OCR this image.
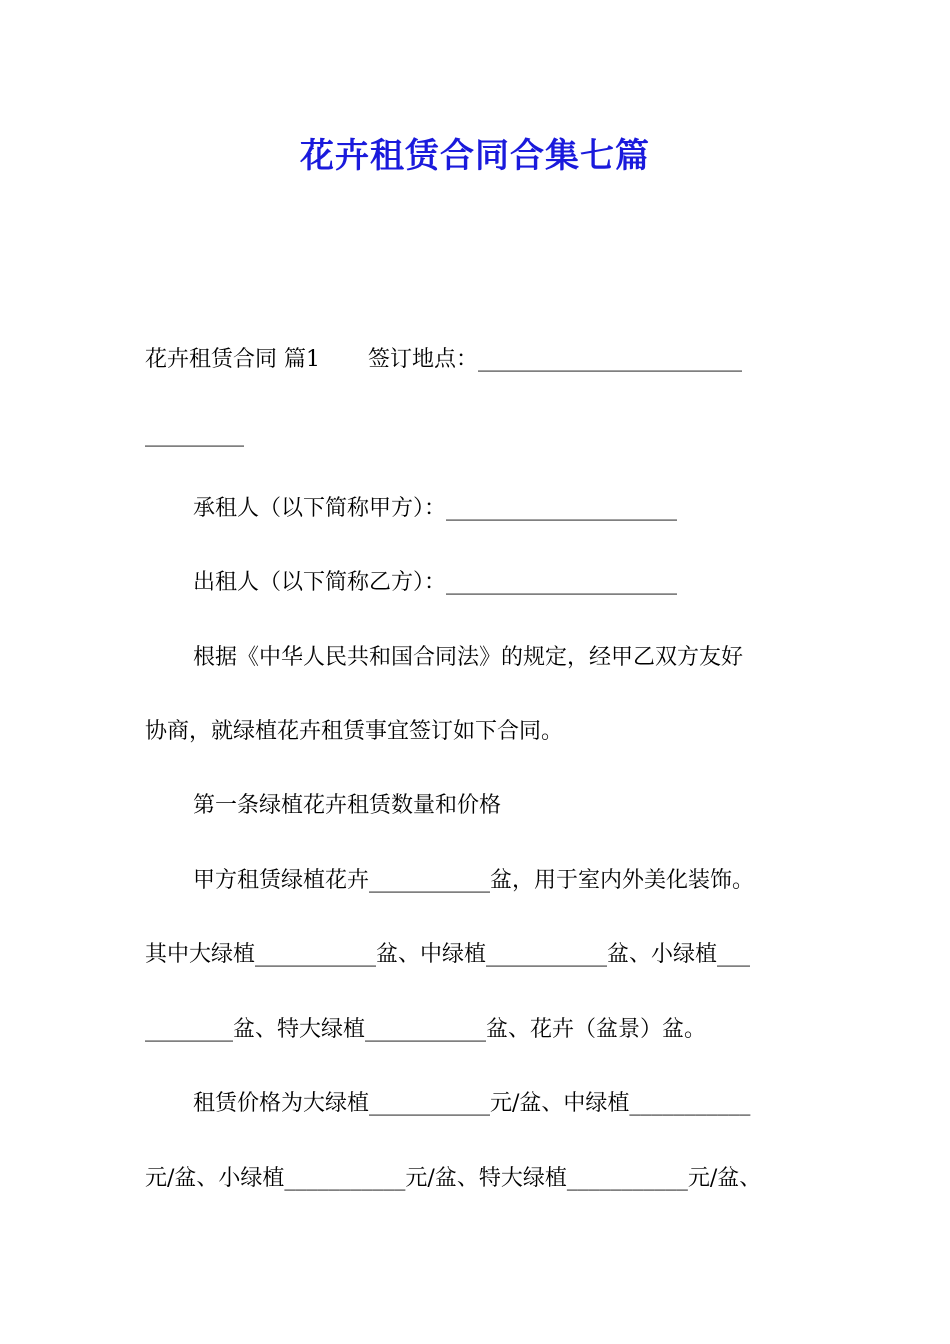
花卉租赁合同合集七篇
花卉租赁合同 篇1 签订地点：________________________
_________
承租人（以下简称甲方）：_____________________
出租人（以下简称乙方）：_____________________
根据《中华人民共和国合同法》的规定，经甲乙双方友好
协商，就绿植花卉租赁事宜签订如下合同。
第一条绿植花卉租赁数量和价格
甲方租赁绿植花卉___________盆，用于室内外美化装饰。
其中大绿植___________盆、中绿植___________盆、小绿植___
________盆、特大绿植___________盆、花卉（盆景）盆。
租赁价格为大绿植___________元/盆、中绿植___________
元/盆、小绿植___________元/盆、特大绿植___________元/盆、
